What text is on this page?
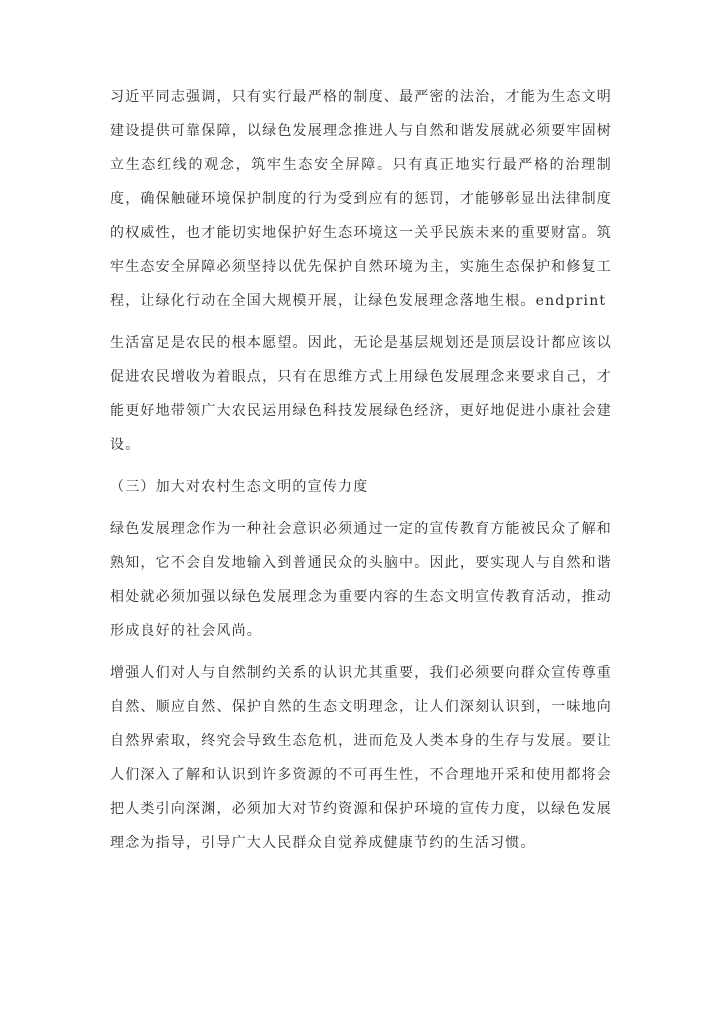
习近平同志强调，只有实行最严格的制度、最严密的法治，才能为生态文明建设提供可靠保障，以绿色发展理念推进人与自然和谐发展就必须要牢固树立生态红线的观念，筑牢生态安全屏障。只有真正地实行最严格的治理制度，确保触碰环境保护制度的行为受到应有的惩罚，才能够彰显出法律制度的权威性，也才能切实地保护好生态环境这一关乎民族未来的重要财富。筑牢生态安全屏障必须坚持以优先保护自然环境为主，实施生态保护和修复工程，让绿化行动在全国大规模开展，让绿色发展理念落地生根。endprint

生活富足是农民的根本愿望。因此，无论是基层规划还是顶层设计都应该以促进农民增收为着眼点，只有在思维方式上用绿色发展理念来要求自己，才能更好地带领广大农民运用绿色科技发展绿色经济，更好地促进小康社会建设。

（三）加大对农村生态文明的宣传力度

绿色发展理念作为一种社会意识必须通过一定的宣传教育方能被民众了解和熟知，它不会自发地输入到普通民众的头脑中。因此，要实现人与自然和谐相处就必须加强以绿色发展理念为重要内容的生态文明宣传教育活动，推动形成良好的社会风尚。

增强人们对人与自然制约关系的认识尤其重要，我们必须要向群众宣传尊重自然、顺应自然、保护自然的生态文明理念，让人们深刻认识到，一味地向自然界索取，终究会导致生态危机，进而危及人类本身的生存与发展。要让人们深入了解和认识到许多资源的不可再生性，不合理地开采和使用都将会把人类引向深渊，必须加大对节约资源和保护环境的宣传力度，以绿色发展理念为指导，引导广大人民群众自觉养成健康节约的生活习惯。
